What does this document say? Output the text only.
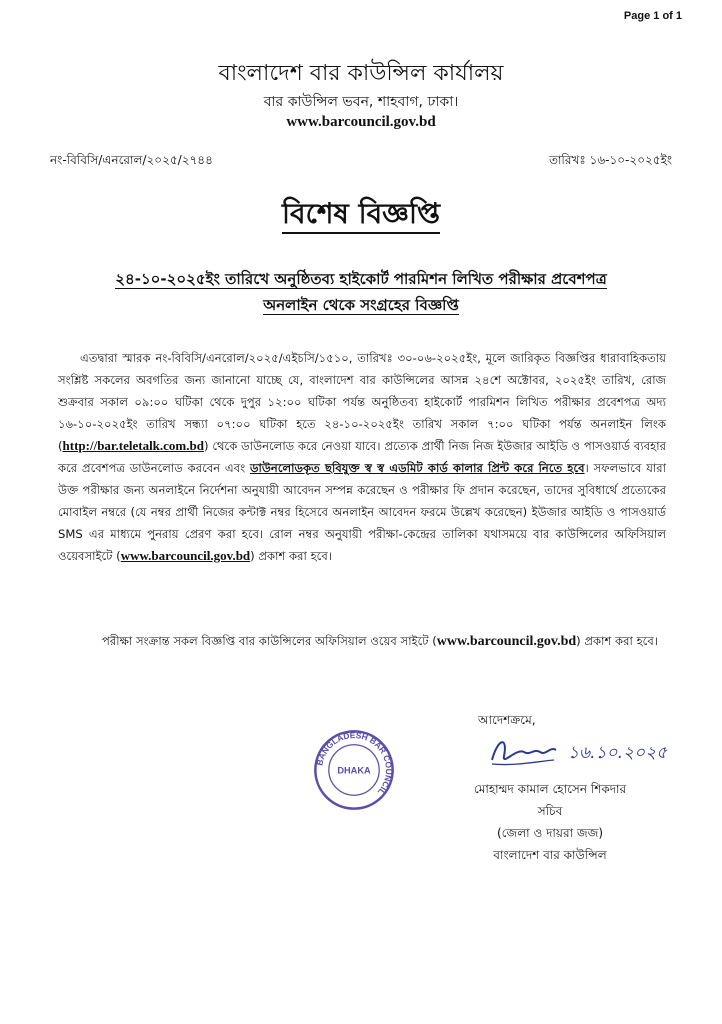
Page 1 of 1
বাংলাদেশ বার কাউন্সিল কার্যালয়
বার কাউন্সিল ভবন, শাহবাগ, ঢাকা।
www.barcouncil.gov.bd
নং-বিবিসি/এনরোল/২০২৫/২৭৪৪	তারিখঃ ১৬-১০-২০২৫ইং
বিশেষ বিজ্ঞপ্তি
২৪-১০-২০২৫ইং তারিখে অনুষ্ঠিতব্য হাইকোর্ট পারমিশন লিখিত পরীক্ষার প্রবেশপত্র
অনলাইন থেকে সংগ্রহের বিজ্ঞপ্তি
এতদ্বারা স্মারক নং-বিবিসি/এনরোল/২০২৫/এইচসি/১৫১০, তারিখঃ ৩০-০৬-২০২৫ইং, মূলে জারিকৃত বিজ্ঞপ্তির ধারাবাহিকতায় সংশ্লিষ্ট সকলের অবগতির জন্য জানানো যাচ্ছে যে, বাংলাদেশ বার কাউন্সিলের আসন্ন ২৪শে অক্টোবর, ২০২৫ইং তারিখ, রোজ শুক্রবার সকাল ০৯:০০ ঘটিকা থেকে দুপুর ১২:০০ ঘটিকা পর্যন্ত অনুষ্ঠিতব্য হাইকোর্ট পারমিশন লিখিত পরীক্ষার প্রবেশপত্র অদ্য ১৬-১০-২০২৫ইং তারিখ সন্ধ্যা ০৭:০০ ঘটিকা হতে ২৪-১০-২০২৫ইং তারিখ সকাল ৭:০০ ঘটিকা পর্যন্ত অনলাইন লিংক (http://bar.teletalk.com.bd) থেকে ডাউনলোড করে নেওয়া যাবে। প্রত্যেক প্রার্থী নিজ নিজ ইউজার আইডি ও পাসওয়ার্ড ব্যবহার করে প্রবেশপত্র ডাউনলোড করবেন এবং ডাউনলোডকৃত ছবিযুক্ত স্ব স্ব এডমিট কার্ড কালার প্রিন্ট করে নিতে হবে। সফলভাবে যারা উক্ত পরীক্ষার জন্য অনলাইনে নির্দেশনা অনুযায়ী আবেদন সম্পন্ন করেছেন ও পরীক্ষার ফি প্রদান করেছেন, তাদের সুবিধার্থে প্রত্যেকের মোবাইল নম্বরে (যে নম্বর প্রার্থী নিজের কন্টাক্ট নম্বর হিসেবে অনলাইন আবেদন ফরমে উল্লেখ করেছেন) ইউজার আইডি ও পাসওয়ার্ড SMS এর মাধ্যমে পুনরায় প্রেরণ করা হবে। রোল নম্বর অনুযায়ী পরীক্ষা-কেন্দ্রের তালিকা যথাসময়ে বার কাউন্সিলের অফিসিয়াল ওয়েবসাইটে (www.barcouncil.gov.bd) প্রকাশ করা হবে।
পরীক্ষা সংক্রান্ত সকল বিজ্ঞপ্তি বার কাউন্সিলের অফিসিয়াল ওয়েব সাইটে (www.barcouncil.gov.bd) প্রকাশ করা হবে।
আদেশক্রমে,
BANGLADESH BAR COUNCIL
DHAKA
১৬.১০.২০২৫
মোহাম্মদ কামাল হোসেন শিকদার
সচিব
(জেলা ও দায়রা জজ)
বাংলাদেশ বার কাউন্সিল
